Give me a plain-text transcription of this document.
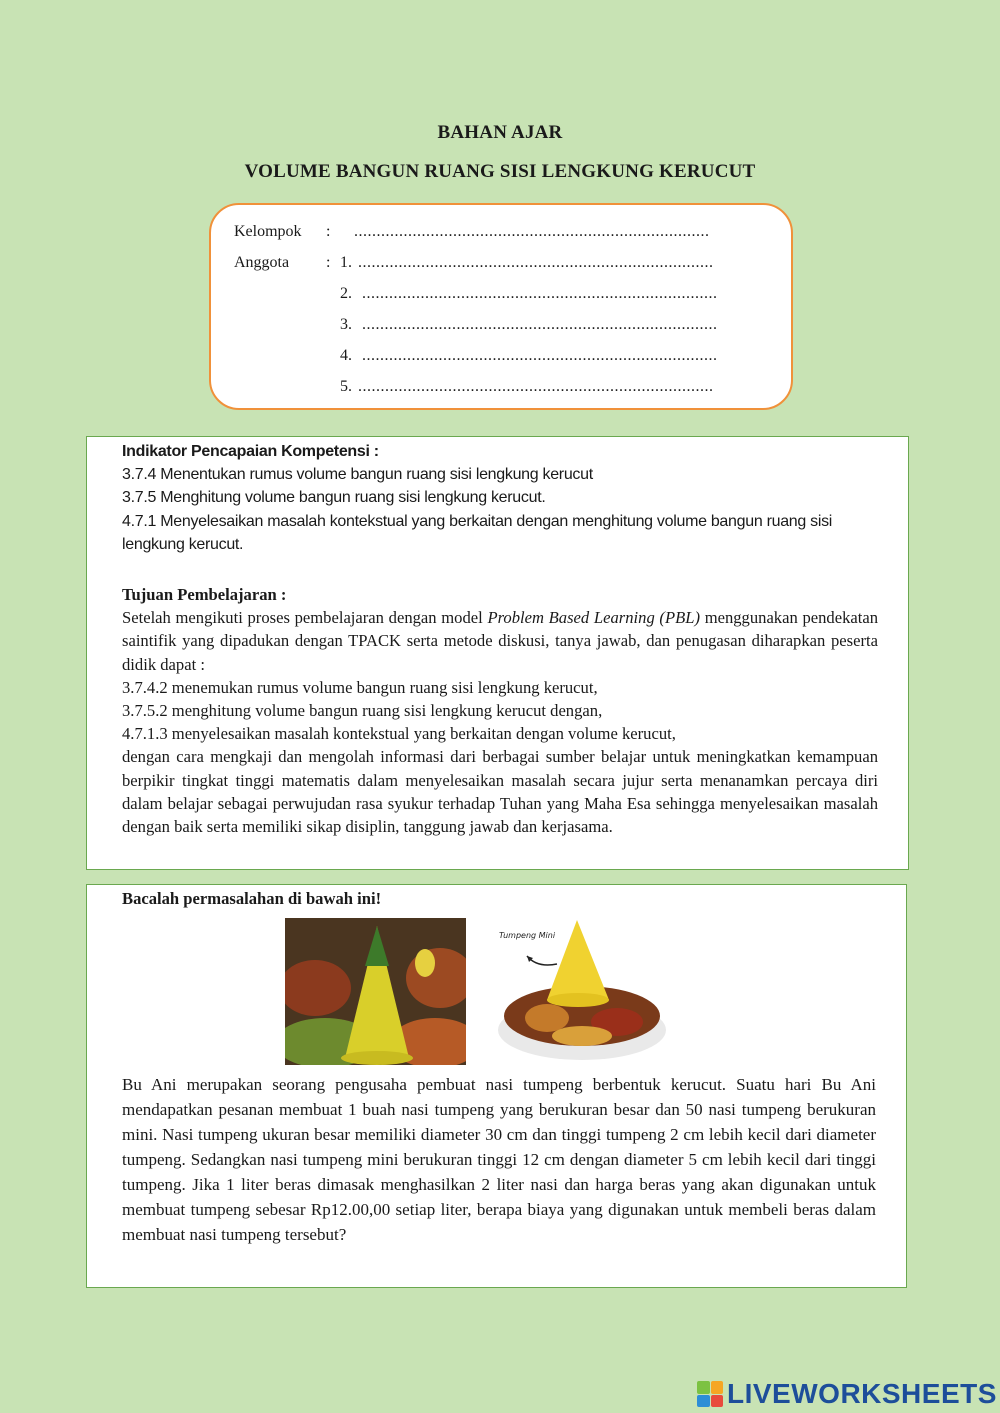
BAHAN AJAR
VOLUME BANGUN RUANG SISI LENGKUNG KERUCUT
Kelompok : ...............................................................................
Anggota : 1. ...............................................................................
2. ...............................................................................
3. ...............................................................................
4. ...............................................................................
5. ...............................................................................
Indikator Pencapaian Kompetensi :
3.7.4 Menentukan rumus volume bangun ruang sisi lengkung kerucut
3.7.5 Menghitung volume bangun ruang sisi lengkung kerucut.
4.7.1 Menyelesaikan masalah kontekstual yang berkaitan dengan menghitung volume bangun ruang sisi lengkung kerucut.
Tujuan Pembelajaran :
Setelah mengikuti proses pembelajaran dengan model Problem Based Learning (PBL) menggunakan pendekatan saintifik yang dipadukan dengan TPACK serta metode diskusi, tanya jawab, dan penugasan diharapkan peserta didik dapat :
3.7.4.2 menemukan rumus volume bangun ruang sisi lengkung kerucut,
3.7.5.2 menghitung volume bangun ruang sisi lengkung kerucut dengan,
4.7.1.3 menyelesaikan masalah kontekstual yang berkaitan dengan volume kerucut,
dengan cara mengkaji dan mengolah informasi dari berbagai sumber belajar untuk meningkatkan kemampuan berpikir tingkat tinggi matematis dalam menyelesaikan masalah secara jujur serta menanamkan percaya diri dalam belajar sebagai perwujudan rasa syukur terhadap Tuhan yang Maha Esa sehingga menyelesaikan masalah dengan baik serta memiliki sikap disiplin, tanggung jawab dan kerjasama.
Bacalah permasalahan di bawah ini!
Tumpeng Mini
Bu Ani merupakan seorang pengusaha pembuat nasi tumpeng berbentuk kerucut. Suatu hari Bu Ani mendapatkan pesanan membuat 1 buah nasi tumpeng yang berukuran besar dan 50 nasi tumpeng berukuran mini. Nasi tumpeng ukuran besar memiliki diameter 30 cm dan tinggi tumpeng 2 cm lebih kecil dari diameter tumpeng. Sedangkan nasi tumpeng mini berukuran tinggi 12 cm dengan diameter 5 cm lebih kecil dari tinggi tumpeng. Jika 1 liter beras dimasak menghasilkan 2 liter nasi dan harga beras yang akan digunakan untuk membuat tumpeng sebesar Rp12.00,00 setiap liter, berapa biaya yang digunakan untuk membeli beras dalam membuat nasi tumpeng tersebut?
LIVEWORKSHEETS
